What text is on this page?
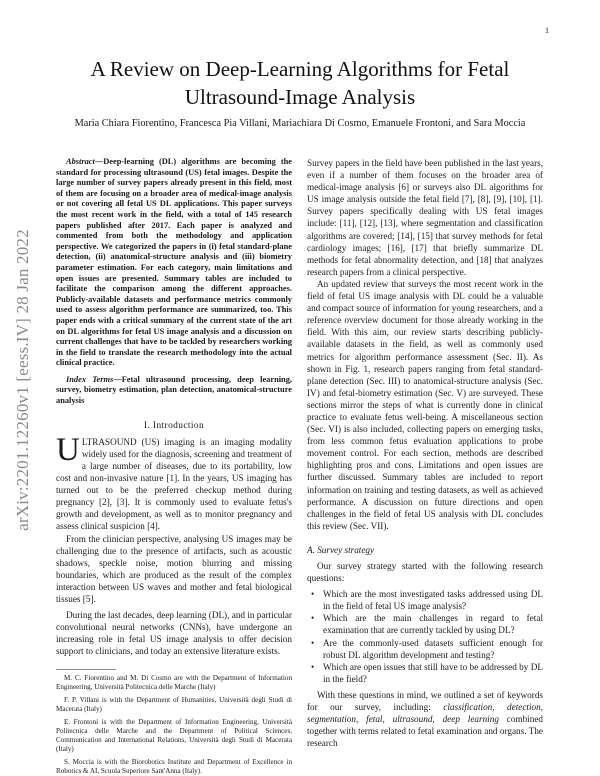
1
arXiv:2201.12260v1 [eess.IV] 28 Jan 2022
A Review on Deep-Learning Algorithms for Fetal Ultrasound-Image Analysis
Maria Chiara Fiorentino, Francesca Pia Villani, Mariachiara Di Cosmo, Emanuele Frontoni, and Sara Moccia

Abstract—Deep-learning (DL) algorithms are becoming the standard for processing ultrasound (US) fetal images. Despite the large number of survey papers already present in this field, most of them are focusing on a broader area of medical-image analysis or not covering all fetal US DL applications. This paper surveys the most recent work in the field, with a total of 145 research papers published after 2017. Each paper is analyzed and commented from both the methodology and application perspective. We categorized the papers in (i) fetal standard-plane detection, (ii) anatomical-structure analysis and (iii) biometry parameter estimation. For each category, main limitations and open issues are presented. Summary tables are included to facilitate the comparison among the different approaches. Publicly-available datasets and performance metrics commonly used to assess algorithm performance are summarized, too. This paper ends with a critical summary of the current state of the art on DL algorithms for fetal US image analysis and a discussion on current challenges that have to be tackled by researchers working in the field to translate the research methodology into the actual clinical practice.

Index Terms—Fetal ultrasound processing, deep learning, survey, biometry estimation, plan detection, anatomical-structure analysis

I. Introduction

ULTRASOUND (US) imaging is an imaging modality widely used for the diagnosis, screening and treatment of a large number of diseases, due to its portability, low cost and non-invasive nature [1]. In the years, US imaging has turned out to be the preferred checkup method during pregnancy [2], [3]. It is commonly used to evaluate fetus's growth and development, as well as to monitor pregnancy and assess clinical suspicion [4].

From the clinician perspective, analysing US images may be challenging due to the presence of artifacts, such as acoustic shadows, speckle noise, motion blurring and missing boundaries, which are produced as the result of the complex interaction between US waves and mother and fetal biological tissues [5].

During the last decades, deep learning (DL), and in particular convolutional neural networks (CNNs), have undergone an increasing role in fetal US image analysis to offer decision support to clinicians, and today an extensive literature exists.

M. C. Fiorentino and M. Di Cosmo are with the Department of Information Engineering, Università Politecnica delle Marche (Italy)

F. P. Villani is with the Department of Humanities, Università degli Studi di Macerata (Italy)

E. Frontoni is with the Department of Information Engineering, Università Politecnica delle Marche and the Department of Political Sciences, Communication and International Relations, Università degli Studi di Macerata (Italy)

S. Moccia is with the Biorobotics Institute and Department of Excellence in Robotics & AI, Scuola Superiore Sant'Anna (Italy).

Survey papers in the field have been published in the last years, even if a number of them focuses on the broader area of medical-image analysis [6] or surveys also DL algorithms for US image analysis outside the fetal field [7], [8], [9], [10], [1]. Survey papers specifically dealing with US fetal images include: [11], [12], [13], where segmentation and classification algorithms are covered; [14], [15] that survey methods for fetal cardiology images; [16], [17] that briefly summarize DL methods for fetal abnormality detection, and [18] that analyzes research papers from a clinical perspective.

An updated review that surveys the most recent work in the field of fetal US image analysis with DL could be a valuable and compact source of information for young researchers, and a reference overview document for those already working in the field. With this aim, our review starts describing publicly-available datasets in the field, as well as commonly used metrics for algorithm performance assessment (Sec. II). As shown in Fig. 1, research papers ranging from fetal standard-plane detection (Sec. III) to anatomical-structure analysis (Sec. IV) and fetal-biometry estimation (Sec. V) are surveyed. These sections mirror the steps of what is currently done in clinical practice to evaluate fetus well-being. A miscellaneous section (Sec. VI) is also included, collecting papers on emerging tasks, from less common fetus evaluation applications to probe movement control. For each section, methods are described highlighting pros and cons. Limitations and open issues are further discussed. Summary tables are included to report information on training and testing datasets, as well as achieved performance. A discussion on future directions and open challenges in the field of fetal US analysis with DL concludes this review (Sec. VII).

A. Survey strategy

Our survey strategy started with the following research questions:

• Which are the most investigated tasks addressed using DL in the field of fetal US image analysis?
• Which are the main challenges in regard to fetal examination that are currently tackled by using DL?
• Are the commonly-used datasets sufficient enough for robust DL algorithm development and testing?
• Which are open issues that still have to be addressed by DL in the field?

With these questions in mind, we outlined a set of keywords for our survey, including: classification, detection, segmentation, fetal, ultrasound, deep learning combined together with terms related to fetal examination and organs. The research
